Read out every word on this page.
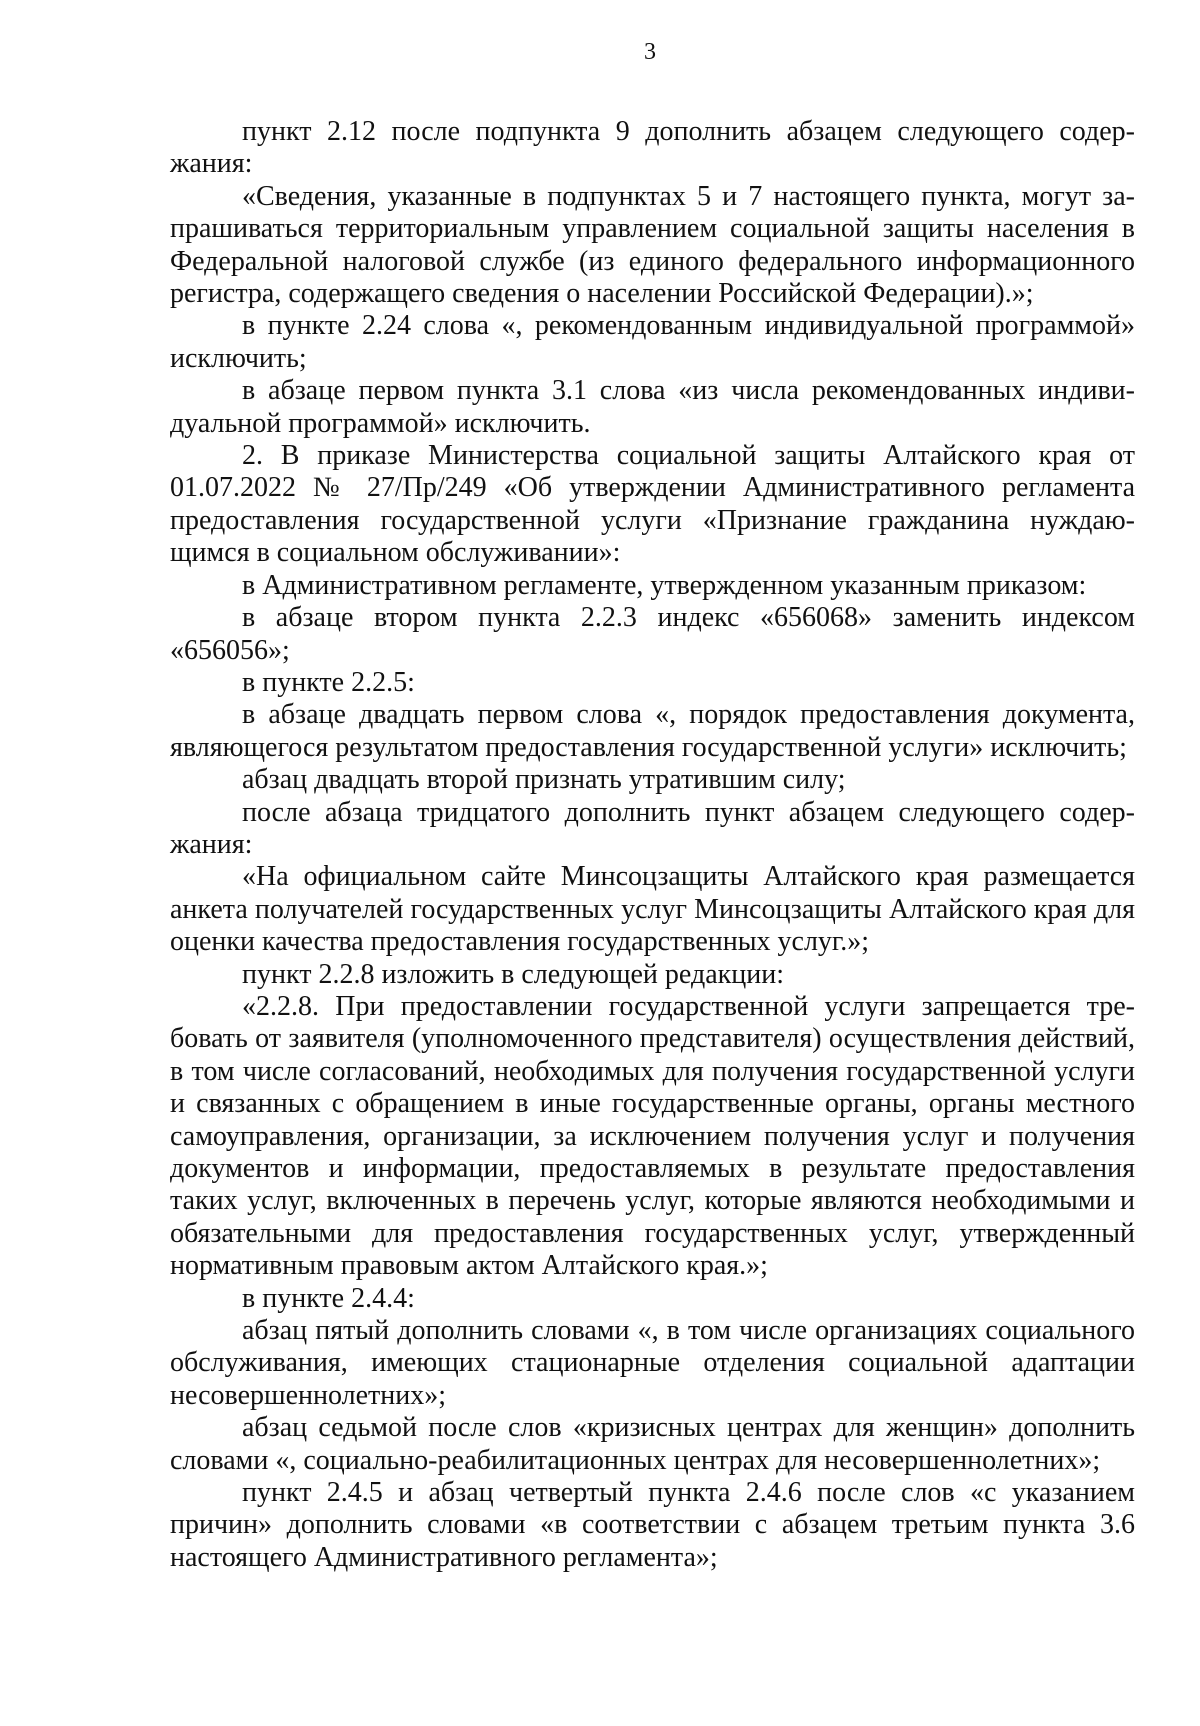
3

пункт 2.12 после подпункта 9 дополнить абзацем следующего содержания:

«Сведения, указанные в подпунктах 5 и 7 настоящего пункта, могут запрашиваться территориальным управлением социальной защиты населения в Федеральной налоговой службе (из единого федерального информационного регистра, содержащего сведения о населении Российской Федерации).»;

в пункте 2.24 слова «, рекомендованным индивидуальной программой» исключить;

в абзаце первом пункта 3.1 слова «из числа рекомендованных индивидуальной программой» исключить.

2. В приказе Министерства социальной защиты Алтайского края от 01.07.2022 № 27/Пр/249 «Об утверждении Административного регламента предоставления государственной услуги «Признание гражданина нуждающимся в социальном обслуживании»:

в Административном регламенте, утвержденном указанным приказом:

в абзаце втором пункта 2.2.3 индекс «656068» заменить индексом «656056»;

в пункте 2.2.5:

в абзаце двадцать первом слова «, порядок предоставления документа, являющегося результатом предоставления государственной услуги» исключить;

абзац двадцать второй признать утратившим силу;

после абзаца тридцатого дополнить пункт абзацем следующего содержания:

«На официальном сайте Минсоцзащиты Алтайского края размещается анкета получателей государственных услуг Минсоцзащиты Алтайского края для оценки качества предоставления государственных услуг.»;

пункт 2.2.8 изложить в следующей редакции:

«2.2.8. При предоставлении государственной услуги запрещается требовать от заявителя (уполномоченного представителя) осуществления действий, в том числе согласований, необходимых для получения государственной услуги и связанных с обращением в иные государственные органы, органы местного самоуправления, организации, за исключением получения услуг и получения документов и информации, предоставляемых в результате предоставления таких услуг, включенных в перечень услуг, которые являются необходимыми и обязательными для предоставления государственных услуг, утвержденный нормативным правовым актом Алтайского края.»;

в пункте 2.4.4:

абзац пятый дополнить словами «, в том числе организациях социального обслуживания, имеющих стационарные отделения социальной адаптации несовершеннолетних»;

абзац седьмой после слов «кризисных центрах для женщин» дополнить словами «, социально-реабилитационных центрах для несовершеннолетних»;

пункт 2.4.5 и абзац четвертый пункта 2.4.6 после слов «с указанием причин» дополнить словами «в соответствии с абзацем третьим пункта 3.6 настоящего Административного регламента»;
